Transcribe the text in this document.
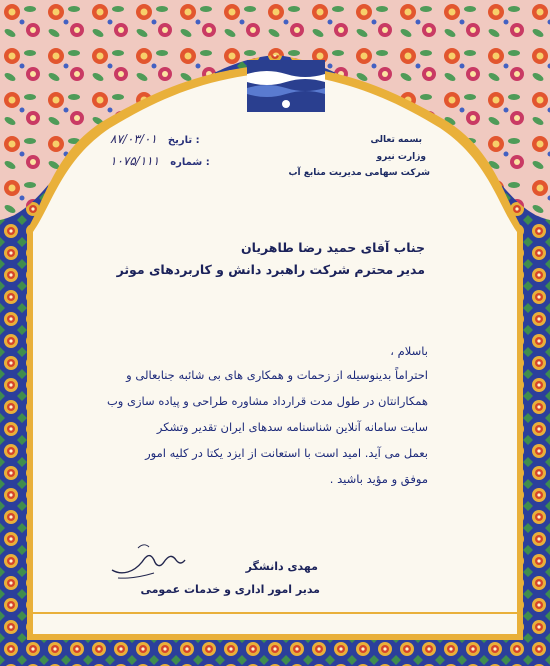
بسمه تعالی
وزارت نیرو
شرکت سهامی مدیریت منابع آب
۸۷/۰۳/۰۱ تاریخ :
۱۰۷۵/۱۱۱ شماره :
جناب آقای حمید رضا طاهریان
مدیر محترم شرکت راهبرد دانش و کاربردهای موثر
باسلام ،
احتراماً بدینوسیله از زحمات و همکاری های بی شائبه جنابعالی و
همکارانتان در طول مدت قرارداد مشاوره طراحی و پیاده سازی وب
سایت سامانه آنلاین شناسنامه سدهای ایران تقدیر وتشکر
بعمل می آید. امید است با استعانت از ایزد یکتا در کلیه امور
موفق و مؤید باشید .
مهدی دانشگر
مدیر امور اداری و خدمات عمومی
